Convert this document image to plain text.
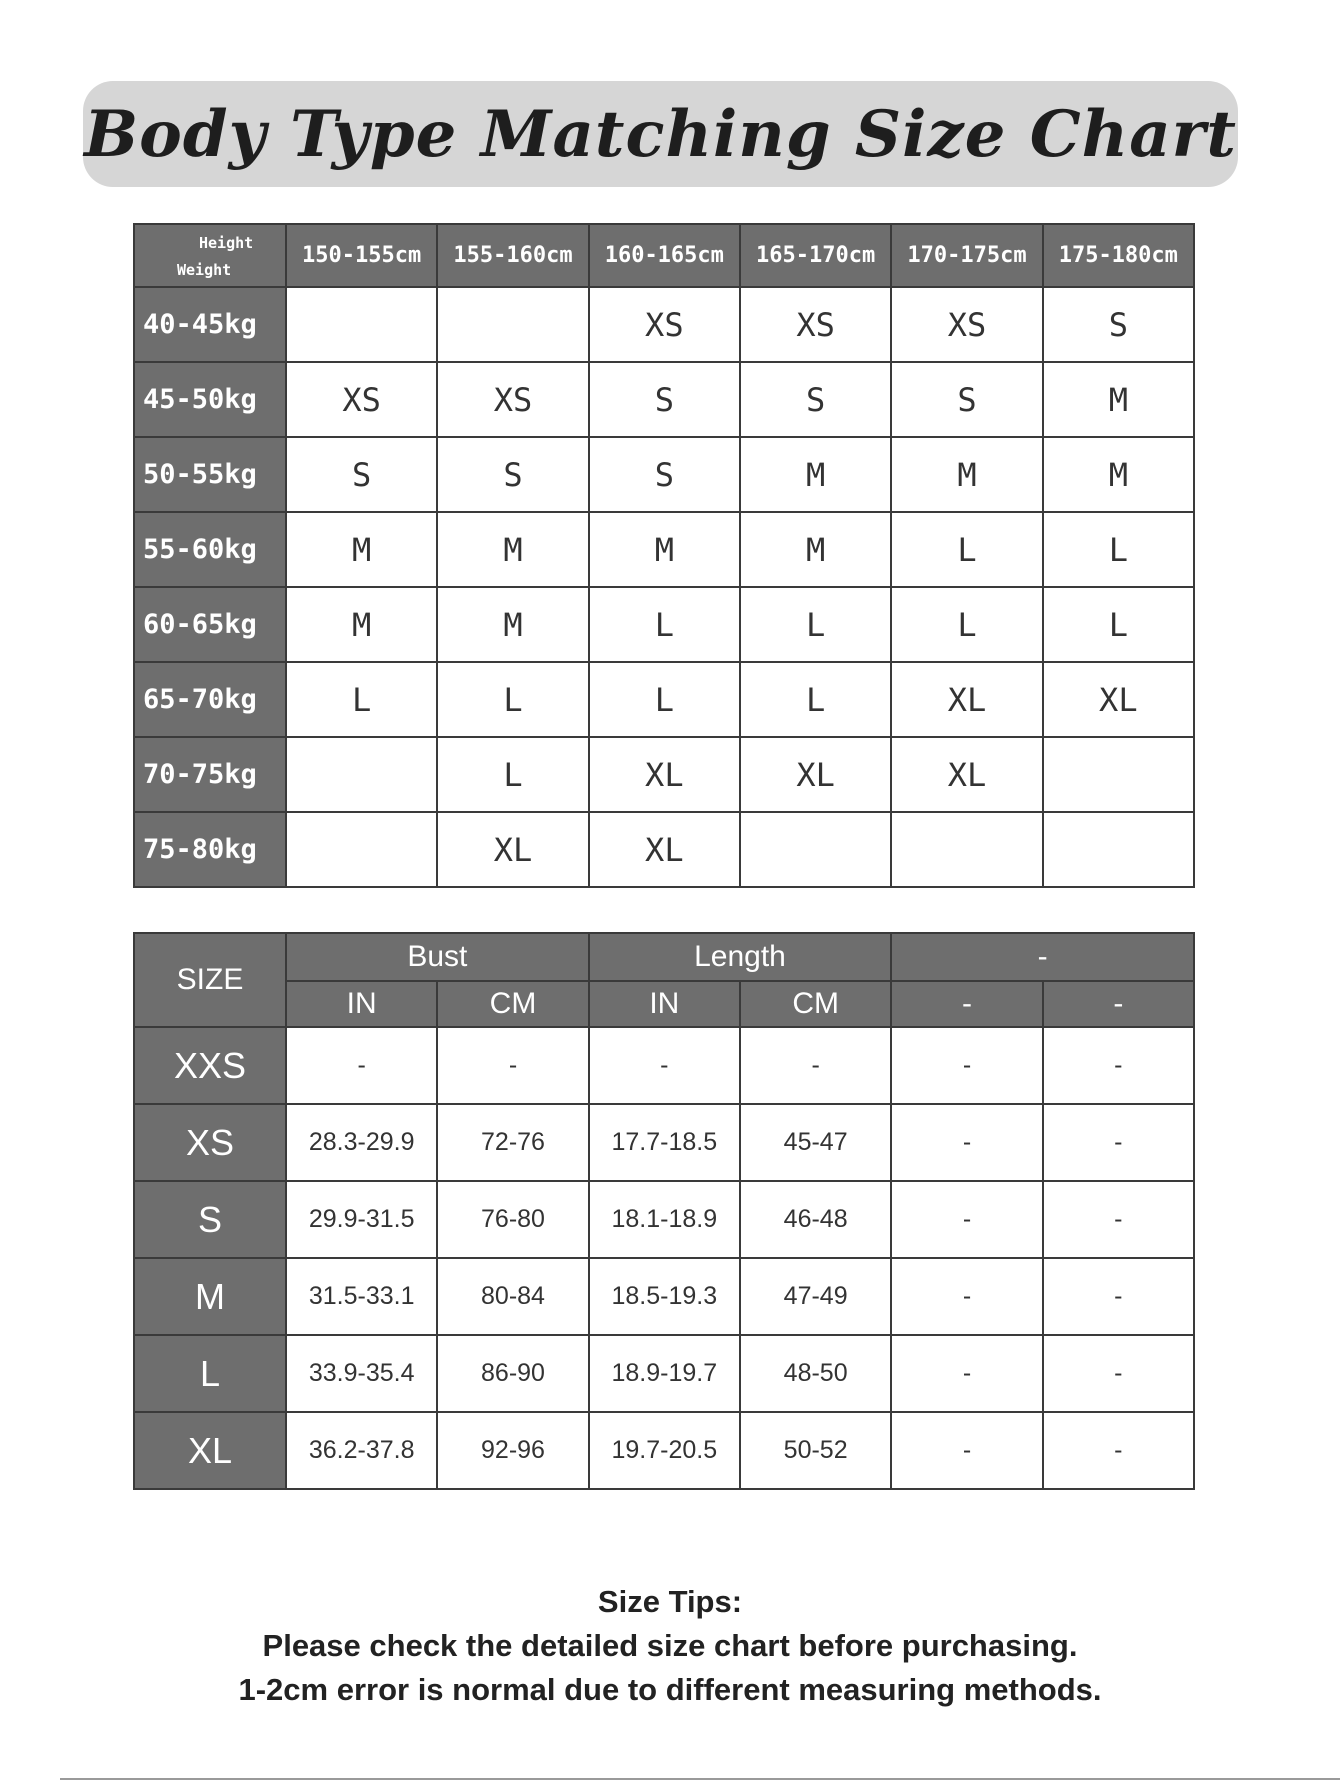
Body Type Matching Size Chart
Height
Weight	150-155cm	155-160cm	160-165cm	165-170cm	170-175cm	175-180cm
40-45kg			XS	XS	XS	S
45-50kg	XS	XS	S	S	S	M
50-55kg	S	S	S	M	M	M
55-60kg	M	M	M	M	L	L
60-65kg	M	M	L	L	L	L
65-70kg	L	L	L	L	XL	XL
70-75kg		L	XL	XL	XL	
75-80kg		XL	XL			
SIZE	Bust		Length		-	
	IN	CM	IN	CM	-	-
XXS	-	-	-	-	-	-
XS	28.3-29.9	72-76	17.7-18.5	45-47	-	-
S	29.9-31.5	76-80	18.1-18.9	46-48	-	-
M	31.5-33.1	80-84	18.5-19.3	47-49	-	-
L	33.9-35.4	86-90	18.9-19.7	48-50	-	-
XL	36.2-37.8	92-96	19.7-20.5	50-52	-	-
Size Tips:
Please check the detailed size chart before purchasing.
1-2cm error is normal due to different measuring methods.
